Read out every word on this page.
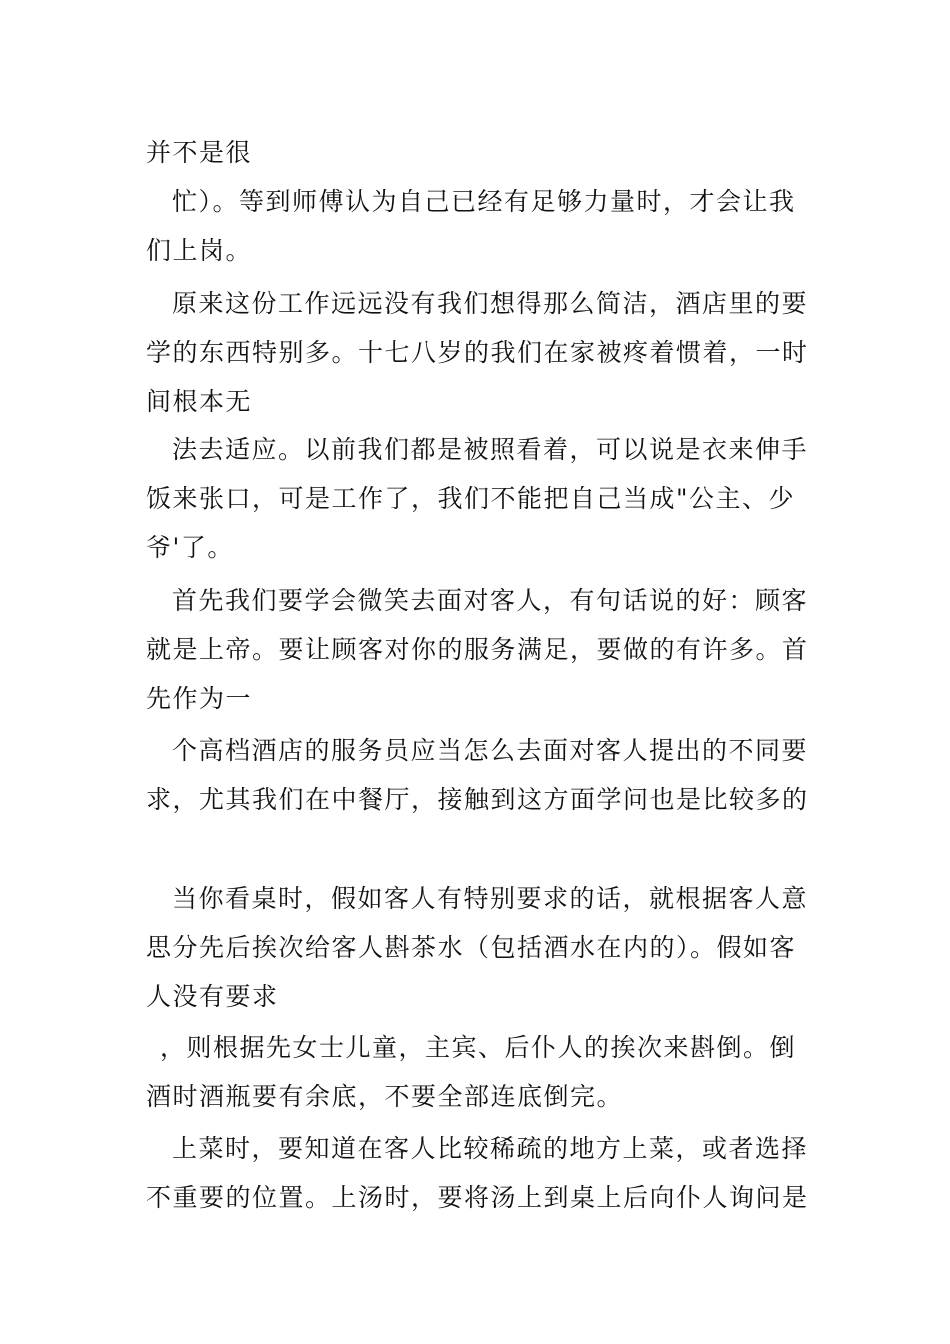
并不是很
忙）。等到师傅认为自己已经有足够力量时，才会让我
们上岗。
原来这份工作远远没有我们想得那么简洁，酒店里的要
学的东西特别多。十七八岁的我们在家被疼着惯着，一时
间根本无
法去适应。以前我们都是被照看着，可以说是衣来伸手
饭来张口，可是工作了，我们不能把自己当成"公主、少
爷'了。
首先我们要学会微笑去面对客人，有句话说的好：顾客
就是上帝。要让顾客对你的服务满足，要做的有许多。首
先作为一
个高档酒店的服务员应当怎么去面对客人提出的不同要
求，尤其我们在中餐厅，接触到这方面学问也是比较多的
当你看桌时，假如客人有特别要求的话，就根据客人意
思分先后挨次给客人斟茶水（包括酒水在内的）。假如客
人没有要求
，则根据先女士儿童，主宾、后仆人的挨次来斟倒。倒
酒时酒瓶要有余底，不要全部连底倒完。
上菜时，要知道在客人比较稀疏的地方上菜，或者选择
不重要的位置。上汤时，要将汤上到桌上后向仆人询问是
